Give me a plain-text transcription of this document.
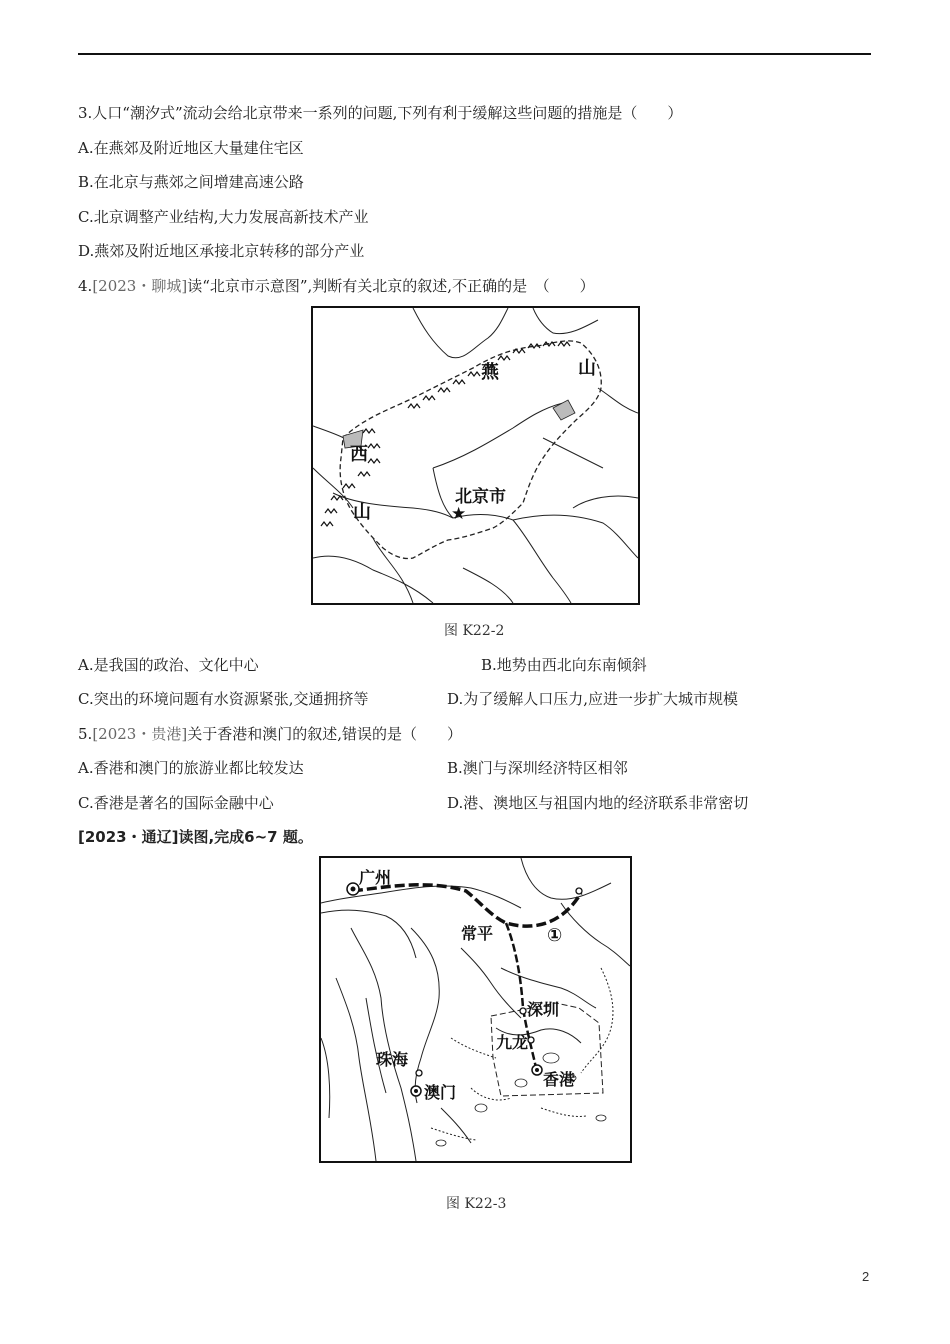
3.人口“潮汐式”流动会给北京带来一系列的问题,下列有利于缓解这些问题的措施是（　　）
A.在燕郊及附近地区大量建住宅区
B.在北京与燕郊之间增建高速公路
C.北京调整产业结构,大力发展高新技术产业
D.燕郊及附近地区承接北京转移的部分产业
4.[2023・聊城]读“北京市示意图”,判断有关北京的叙述,不正确的是　（　　）
燕	山
西
山
北京市
★
图 K22-2
A.是我国的政治、文化中心	B.地势由西北向东南倾斜
C.突出的环境问题有水资源紧张,交通拥挤等	D.为了缓解人口压力,应进一步扩大城市规模
5.[2023・贵港]关于香港和澳门的叙述,错误的是（　　）
A.香港和澳门的旅游业都比较发达	B.澳门与深圳经济特区相邻
C.香港是著名的国际金融中心	D.港、澳地区与祖国内地的经济联系非常密切
[2023・通辽]读图,完成6~7 题。
广州
常平	①
深圳
九龙
珠海
澳门
香港
图 K22-3
2
